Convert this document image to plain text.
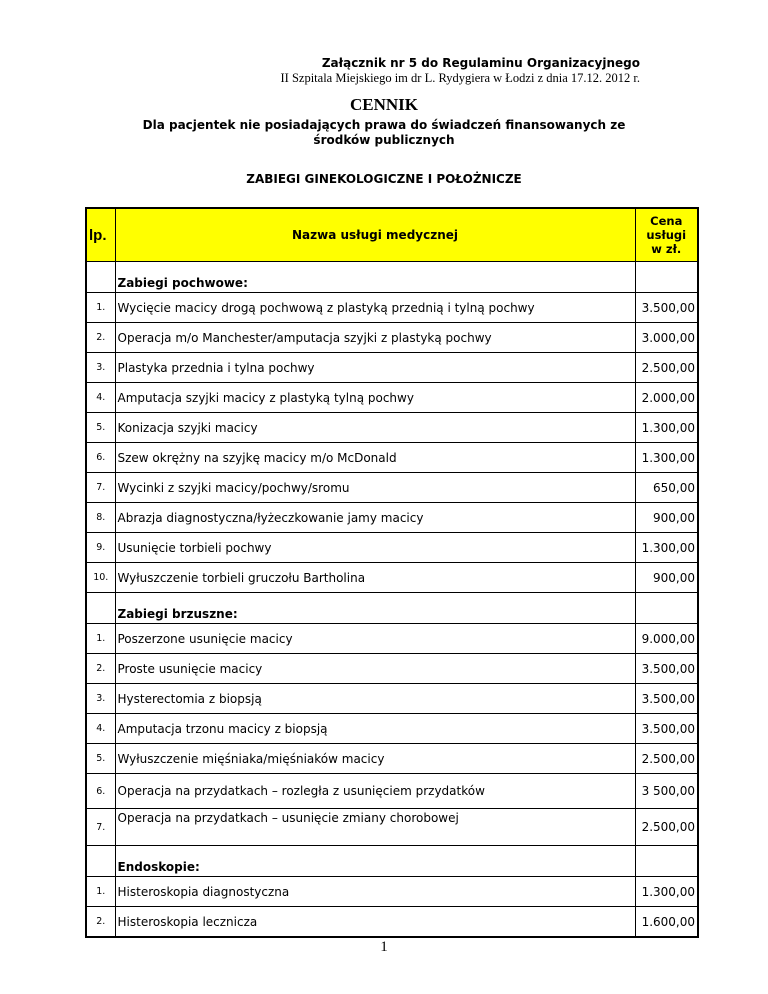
Załącznik nr 5 do Regulaminu Organizacyjnego
II Szpitala Miejskiego im dr L. Rydygiera w Łodzi z dnia 17.12. 2012 r.
CENNIK
Dla pacjentek nie posiadających prawa do świadczeń finansowanych ze
środków publicznych
ZABIEGI GINEKOLOGICZNE I POŁOŻNICZE
lp.	Nazwa usługi medycznej	Cena
usługi
w zł.

	Zabiegi pochwowe:	
1.	Wycięcie macicy drogą pochwową z plastyką przednią i tylną pochwy	3.500,00
2.	Operacja m/o Manchester/amputacja szyjki z plastyką pochwy	3.000,00
3.	Plastyka przednia i tylna pochwy	2.500,00
4.	Amputacja szyjki macicy z plastyką tylną pochwy	2.000,00
5.	Konizacja szyjki macicy	1.300,00
6.	Szew okrężny na szyjkę macicy m/o McDonald	1.300,00
7.	Wycinki z szyjki macicy/pochwy/sromu	650,00
8.	Abrazja diagnostyczna/łyżeczkowanie jamy macicy	900,00
9.	Usunięcie torbieli pochwy	1.300,00
10.	Wyłuszczenie torbieli gruczołu Bartholina	900,00
	Zabiegi brzuszne:	
1.	Poszerzone usunięcie macicy	9.000,00
2.	Proste usunięcie macicy	3.500,00
3.	Hysterectomia z biopsją	3.500,00
4.	Amputacja trzonu macicy z biopsją	3.500,00
5.	Wyłuszczenie mięśniaka/mięśniaków macicy	2.500,00
6.	Operacja na przydatkach – rozległa z usunięciem przydatków	3 500,00
7.	Operacja na przydatkach – usunięcie zmiany chorobowej	2.500,00
	Endoskopie:	
1.	Histeroskopia diagnostyczna	1.300,00
2.	Histeroskopia lecznicza	1.600,00
1
